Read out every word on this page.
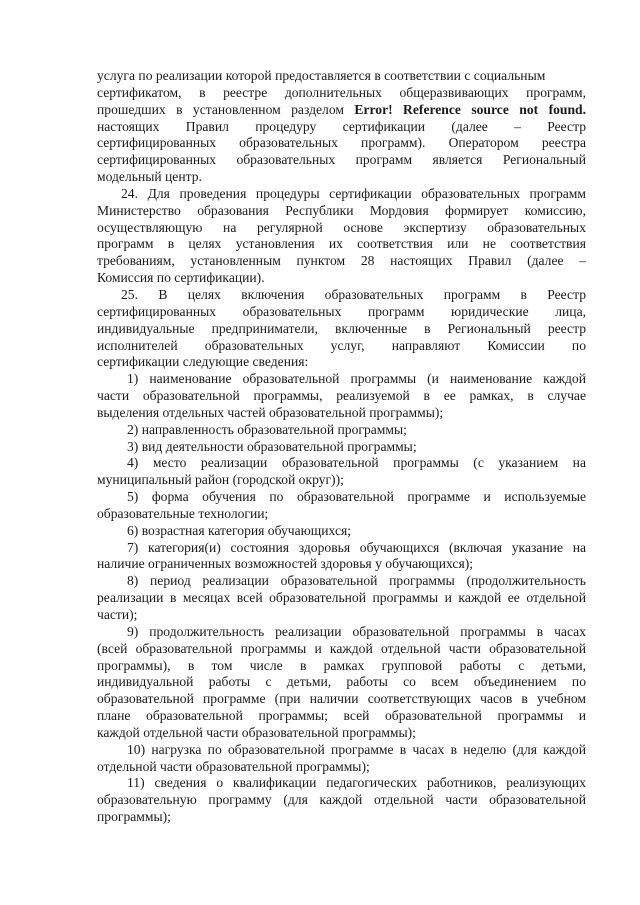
услуга по реализации которой предоставляется в соответствии с социальным
сертификатом, в реестре дополнительных общеразвивающих программ,
прошедших в установленном разделом Error! Reference source not found.
настоящих Правил процедуру сертификации (далее – Реестр
сертифицированных образовательных программ). Оператором реестра
сертифицированных образовательных программ является Региональный
модельный центр.
24. Для проведения процедуры сертификации образовательных программ
Министерство образования Республики Мордовия формирует комиссию,
осуществляющую на регулярной основе экспертизу образовательных
программ в целях установления их соответствия или не соответствия
требованиям, установленным пунктом 28 настоящих Правил (далее –
Комиссия по сертификации).
25. В целях включения образовательных программ в Реестр
сертифицированных образовательных программ юридические лица,
индивидуальные предприниматели, включенные в Региональный реестр
исполнителей образовательных услуг, направляют Комиссии по
сертификации следующие сведения:
1) наименование образовательной программы (и наименование каждой
части образовательной программы, реализуемой в ее рамках, в случае
выделения отдельных частей образовательной программы);
2) направленность образовательной программы;
3) вид деятельности образовательной программы;
4) место реализации образовательной программы (с указанием на
муниципальный район (городской округ));
5) форма обучения по образовательной программе и используемые
образовательные технологии;
6) возрастная категория обучающихся;
7) категория(и) состояния здоровья обучающихся (включая указание на
наличие ограниченных возможностей здоровья у обучающихся);
8) период реализации образовательной программы (продолжительность
реализации в месяцах всей образовательной программы и каждой ее отдельной
части);
9) продолжительность реализации образовательной программы в часах
(всей образовательной программы и каждой отдельной части образовательной
программы), в том числе в рамках групповой работы с детьми,
индивидуальной работы с детьми, работы со всем объединением по
образовательной программе (при наличии соответствующих часов в учебном
плане образовательной программы; всей образовательной программы и
каждой отдельной части образовательной программы);
10) нагрузка по образовательной программе в часах в неделю (для каждой
отдельной части образовательной программы);
11) сведения о квалификации педагогических работников, реализующих
образовательную программу (для каждой отдельной части образовательной
программы);
